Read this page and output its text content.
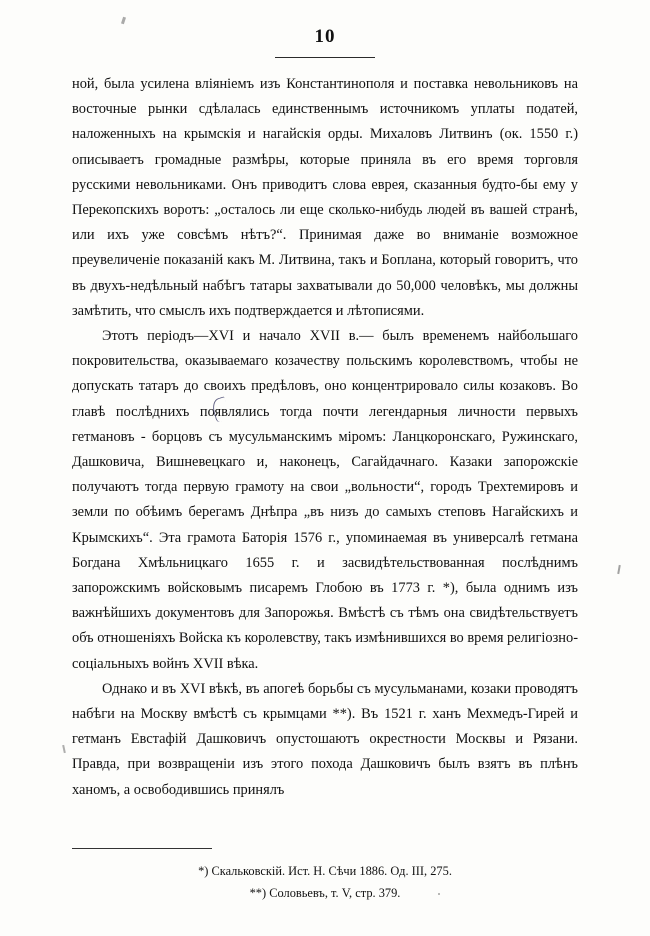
10

ной, была усилена вліяніемъ изъ Константинополя и поставка невольниковъ на восточные рынки сдѣлалась единственнымъ источникомъ уплаты податей, наложенныхъ на крымскія и нагайскія орды. Михаловъ Литвинъ (ок. 1550 г.) описываетъ громадные размѣры, которые приняла въ его время торговля русскими невольниками. Онъ приводитъ слова еврея, сказанныя будто-бы ему у Перекопскихъ воротъ: „осталось ли еще сколько-нибудь людей въ вашей странѣ, или ихъ уже совсѣмъ нѣтъ?“. Принимая даже во вниманіе возможное преувеличеніе показаній какъ М. Литвина, такъ и Боплана, который говоритъ, что въ двухъ-недѣльный набѣгъ татары захватывали до 50,000 человѣкъ, мы должны замѣтить, что смыслъ ихъ подтверждается и лѣтописями.

Этотъ періодъ—XVI и начало XVII в.— былъ временемъ найбольшаго покровительства, оказываемаго козачеству польскимъ королевствомъ, чтобы не допускать татаръ до своихъ предѣловъ, оно концентрировало силы козаковъ. Во главѣ послѣднихъ появлялись тогда почти легендарныя личности первыхъ гетмановъ - борцовъ съ мусульманскимъ міромъ: Ланцкоронскаго, Ружинскаго, Дашковича, Вишневецкаго и, наконецъ, Сагайдачнаго. Казаки запорожскіе получаютъ тогда первую грамоту на свои „вольности“, городъ Трехтемировъ и земли по обѣимъ берегамъ Днѣпра „въ низъ до самыхъ степовъ Нагайскихъ и Крымскихъ“. Эта грамота Баторія 1576 г., упоминаемая въ универсалѣ гетмана Богдана Хмѣльницкаго 1655 г. и засвидѣтельствованная послѣднимъ запорожскимъ войсковымъ писаремъ Глобою въ 1773 г. *), была однимъ изъ важнѣйшихъ документовъ для Запорожья. Вмѣстѣ съ тѣмъ она свидѣтельствуетъ объ отношеніяхъ Войска къ королевству, такъ измѣнившихся во время религіозно-соціальныхъ войнъ XVII вѣка.

Однако и въ XVI вѣкѣ, въ апогеѣ борьбы съ мусульманами, козаки проводятъ набѣги на Москву вмѣстѣ съ крымцами **). Въ 1521 г. ханъ Мехмедъ-Гирей и гетманъ Евстафій Дашковичъ опустошаютъ окрестности Москвы и Рязани. Правда, при возвращеніи изъ этого похода Дашковичъ былъ взятъ въ плѣнъ ханомъ, а освободившись принялъ

*) Скальковскій. Ист. Н. Сѣчи 1886. Од. III, 275.
**) Соловьевъ, т. V, стр. 379.
